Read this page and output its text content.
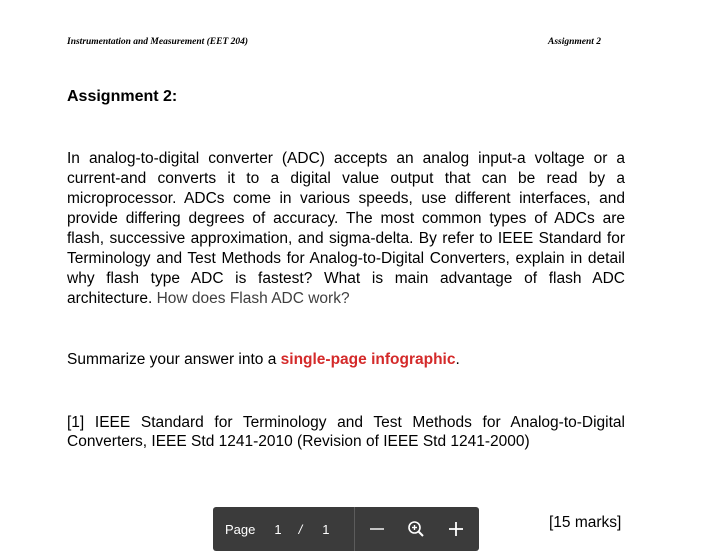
Instrumentation and Measurement (EET 204)	Assignment 2
Assignment 2:

In analog-to-digital converter (ADC) accepts an analog input-a voltage or a current-and converts it to a digital value output that can be read by a microprocessor. ADCs come in various speeds, use different interfaces, and provide differing degrees of accuracy. The most common types of ADCs are flash, successive approximation, and sigma-delta. By refer to IEEE Standard for Terminology and Test Methods for Analog-to-Digital Converters, explain in detail why flash type ADC is fastest? What is main advantage of flash ADC architecture. How does Flash ADC work?

Summarize your answer into a single-page infographic.

[1] IEEE Standard for Terminology and Test Methods for Analog-to-Digital
Converters, IEEE Std 1241-2010 (Revision of IEEE Std 1241-2000)

[15 marks]
Page 1 / 1
